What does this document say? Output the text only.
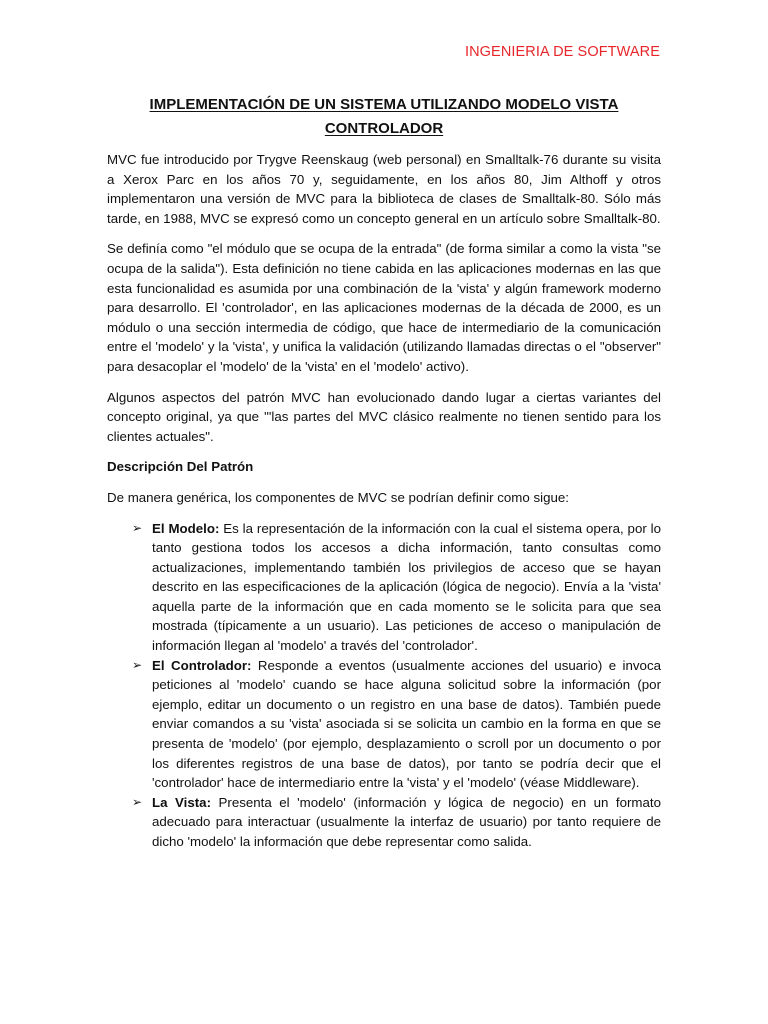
INGENIERIA DE SOFTWARE
IMPLEMENTACIÓN DE UN SISTEMA UTILIZANDO MODELO VISTA CONTROLADOR

MVC fue introducido por Trygve Reenskaug (web personal) en Smalltalk-76 durante su visita a Xerox Parc en los años 70 y, seguidamente, en los años 80, Jim Althoff y otros implementaron una versión de MVC para la biblioteca de clases de Smalltalk-80. Sólo más tarde, en 1988, MVC se expresó como un concepto general en un artículo sobre Smalltalk-80.

Se definía como "el módulo que se ocupa de la entrada" (de forma similar a como la vista "se ocupa de la salida"). Esta definición no tiene cabida en las aplicaciones modernas en las que esta funcionalidad es asumida por una combinación de la 'vista' y algún framework moderno para desarrollo. El 'controlador', en las aplicaciones modernas de la década de 2000, es un módulo o una sección intermedia de código, que hace de intermediario de la comunicación entre el 'modelo' y la 'vista', y unifica la validación (utilizando llamadas directas o el "observer" para desacoplar el 'modelo' de la 'vista' en el 'modelo' activo).

Algunos aspectos del patrón MVC han evolucionado dando lugar a ciertas variantes del concepto original, ya que "'las partes del MVC clásico realmente no tienen sentido para los clientes actuales".

Descripción Del Patrón

De manera genérica, los componentes de MVC se podrían definir como sigue:

➢ El Modelo: Es la representación de la información con la cual el sistema opera, por lo tanto gestiona todos los accesos a dicha información, tanto consultas como actualizaciones, implementando también los privilegios de acceso que se hayan descrito en las especificaciones de la aplicación (lógica de negocio). Envía a la 'vista' aquella parte de la información que en cada momento se le solicita para que sea mostrada (típicamente a un usuario). Las peticiones de acceso o manipulación de información llegan al 'modelo' a través del 'controlador'.
➢ El Controlador: Responde a eventos (usualmente acciones del usuario) e invoca peticiones al 'modelo' cuando se hace alguna solicitud sobre la información (por ejemplo, editar un documento o un registro en una base de datos). También puede enviar comandos a su 'vista' asociada si se solicita un cambio en la forma en que se presenta de 'modelo' (por ejemplo, desplazamiento o scroll por un documento o por los diferentes registros de una base de datos), por tanto se podría decir que el 'controlador' hace de intermediario entre la 'vista' y el 'modelo' (véase Middleware).
➢ La Vista: Presenta el 'modelo' (información y lógica de negocio) en un formato adecuado para interactuar (usualmente la interfaz de usuario) por tanto requiere de dicho 'modelo' la información que debe representar como salida.
